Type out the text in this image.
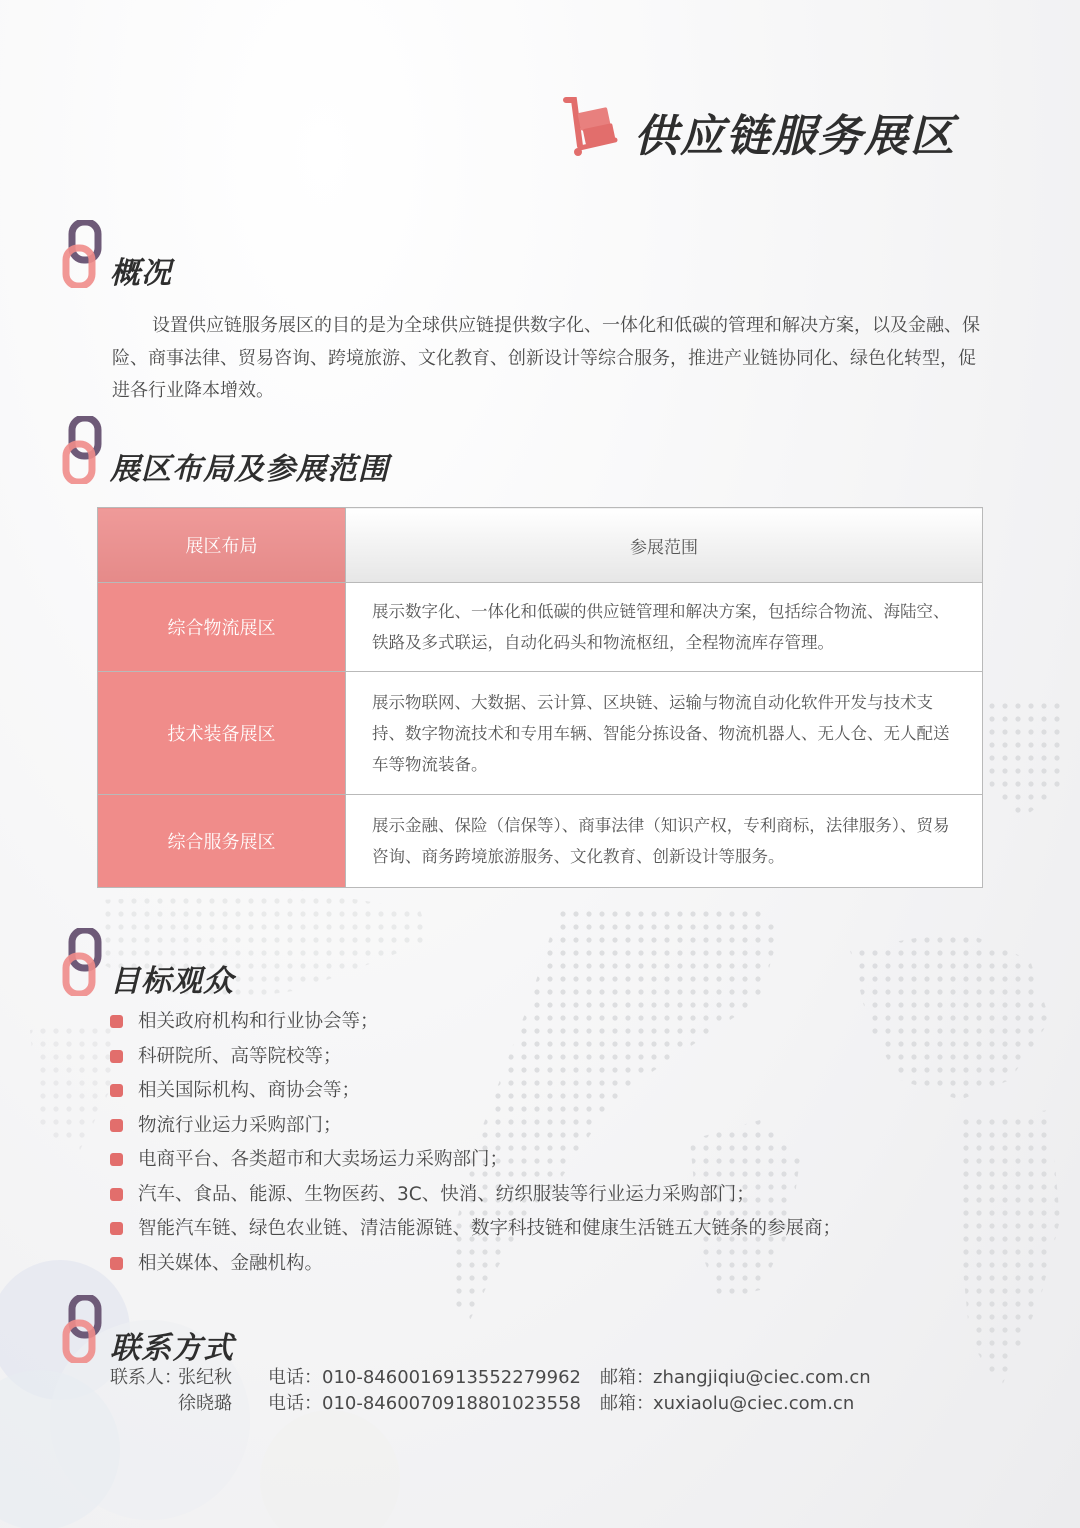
供应链服务展区
概况
设置供应链服务展区的目的是为全球供应链提供数字化、一体化和低碳的管理和解决方案，以及金融、保险、商事法律、贸易咨询、跨境旅游、文化教育、创新设计等综合服务，推进产业链协同化、绿色化转型，促进各行业降本增效。
展区布局及参展范围
展区布局	参展范围
综合物流展区	展示数字化、一体化和低碳的供应链管理和解决方案，包括综合物流、海陆空、铁路及多式联运，自动化码头和物流枢纽，全程物流库存管理。
技术装备展区	展示物联网、大数据、云计算、区块链、运输与物流自动化软件开发与技术支持、数字物流技术和专用车辆、智能分拣设备、物流机器人、无人仓、无人配送车等物流装备。
综合服务展区	展示金融、保险（信保等）、商事法律（知识产权，专利商标，法律服务）、贸易咨询、商务跨境旅游服务、文化教育、创新设计等服务。
目标观众
相关政府机构和行业协会等；
科研院所、高等院校等；
相关国际机构、商协会等；
物流行业运力采购部门；
电商平台、各类超市和大卖场运力采购部门；
汽车、食品、能源、生物医药、3C、快消、纺织服装等行业运力采购部门；
智能汽车链、绿色农业链、清洁能源链、数字科技链和健康生活链五大链条的参展商；
相关媒体、金融机构。
联系方式
联系人：
张纪秋 电话： 010-84600169 13552279962 邮箱： zhangjiqiu@ciec.com.cn
徐晓璐 电话： 010-84600709 18801023558 邮箱： xuxiaolu@ciec.com.cn
